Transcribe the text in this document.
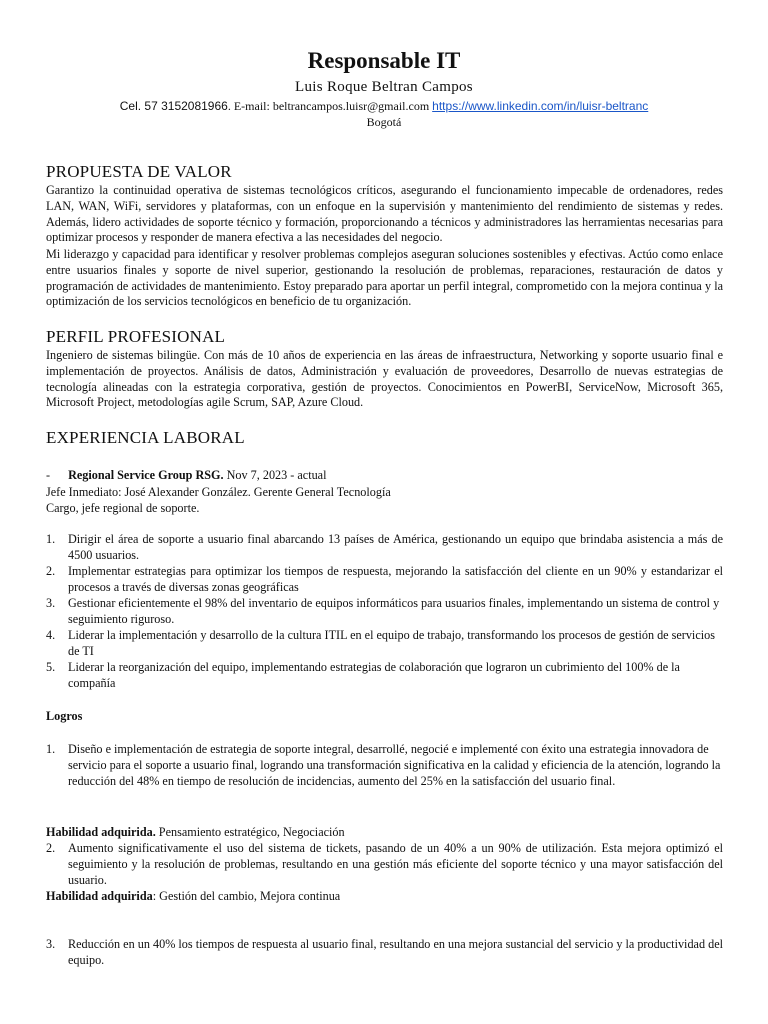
Responsable IT
Luis Roque Beltran Campos
Cel. 57 3152081966. E-mail: beltrancampos.luisr@gmail.com https://www.linkedin.com/in/luisr-beltranc
Bogotá
PROPUESTA DE VALOR

Garantizo la continuidad operativa de sistemas tecnológicos críticos, asegurando el funcionamiento impecable de ordenadores, redes LAN, WAN, WiFi, servidores y plataformas, con un enfoque en la supervisión y mantenimiento del rendimiento de sistemas y redes. Además, lidero actividades de soporte técnico y formación, proporcionando a técnicos y administradores las herramientas necesarias para optimizar procesos y responder de manera efectiva a las necesidades del negocio.

Mi liderazgo y capacidad para identificar y resolver problemas complejos aseguran soluciones sostenibles y efectivas. Actúo como enlace entre usuarios finales y soporte de nivel superior, gestionando la resolución de problemas, reparaciones, restauración de datos y programación de actividades de mantenimiento. Estoy preparado para aportar un perfil integral, comprometido con la mejora continua y la optimización de los servicios tecnológicos en beneficio de tu organización.

PERFIL PROFESIONAL

Ingeniero de sistemas bilingüe. Con más de 10 años de experiencia en las áreas de infraestructura, Networking y soporte usuario final e implementación de proyectos. Análisis de datos, Administración y evaluación de proveedores, Desarrollo de nuevas estrategias de tecnología alineadas con la estrategia corporativa, gestión de proyectos. Conocimientos en PowerBI, ServiceNow, Microsoft 365, Microsoft Project, metodologías agile Scrum, SAP, Azure Cloud.

EXPERIENCIA LABORAL
- Regional Service Group RSG. Nov 7, 2023 - actual
Jefe Inmediato: José Alexander González. Gerente General Tecnología
Cargo, jefe regional de soporte.
1. Dirigir el área de soporte a usuario final abarcando 13 países de América, gestionando un equipo que brindaba asistencia a más de 4500 usuarios.
2. Implementar estrategias para optimizar los tiempos de respuesta, mejorando la satisfacción del cliente en un 90% y estandarizar el procesos a través de diversas zonas geográficas
3. Gestionar eficientemente el 98% del inventario de equipos informáticos para usuarios finales, implementando un sistema de control y seguimiento riguroso.
4. Liderar la implementación y desarrollo de la cultura ITIL en el equipo de trabajo, transformando los procesos de gestión de servicios de TI
5. Liderar la reorganización del equipo, implementando estrategias de colaboración que lograron un cubrimiento del 100% de la compañía
Logros
1. Diseño e implementación de estrategia de soporte integral, desarrollé, negocié e implementé con éxito una estrategia innovadora de servicio para el soporte a usuario final, logrando una transformación significativa en la calidad y eficiencia de la atención, logrando la reducción del 48% en tiempo de resolución de incidencias, aumento del 25% en la satisfacción del usuario final.
Habilidad adquirida. Pensamiento estratégico, Negociación
2. Aumento significativamente el uso del sistema de tickets, pasando de un 40% a un 90% de utilización. Esta mejora optimizó el seguimiento y la resolución de problemas, resultando en una gestión más eficiente del soporte técnico y una mayor satisfacción del usuario.
Habilidad adquirida: Gestión del cambio, Mejora continua
3. Reducción en un 40% los tiempos de respuesta al usuario final, resultando en una mejora sustancial del servicio y la productividad del equipo.
